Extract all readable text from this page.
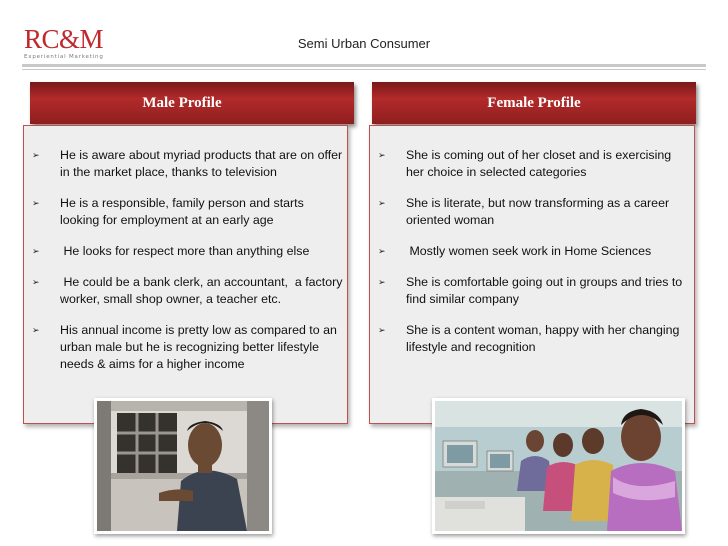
RC&M
Experiential Marketing
Semi Urban Consumer
Male Profile	Female Profile
➢ He is aware about myriad products that are on offer in the market place, thanks to television
➢ He is a responsible, family person and starts looking for employment at an early age
➢ He looks for respect more than anything else
➢ He could be a bank clerk, an accountant,  a factory worker, small shop owner, a teacher etc.
➢ His annual income is pretty low as compared to an urban male but he is recognizing better lifestyle needs & aims for a higher income
➢ She is coming out of her closet and is exercising her choice in selected categories
➢ She is literate, but now transforming as a career oriented woman
➢ Mostly women seek work in Home Sciences
➢ She is comfortable going out in groups and tries to find similar company
➢ She is a content woman, happy with her changing lifestyle and recognition
